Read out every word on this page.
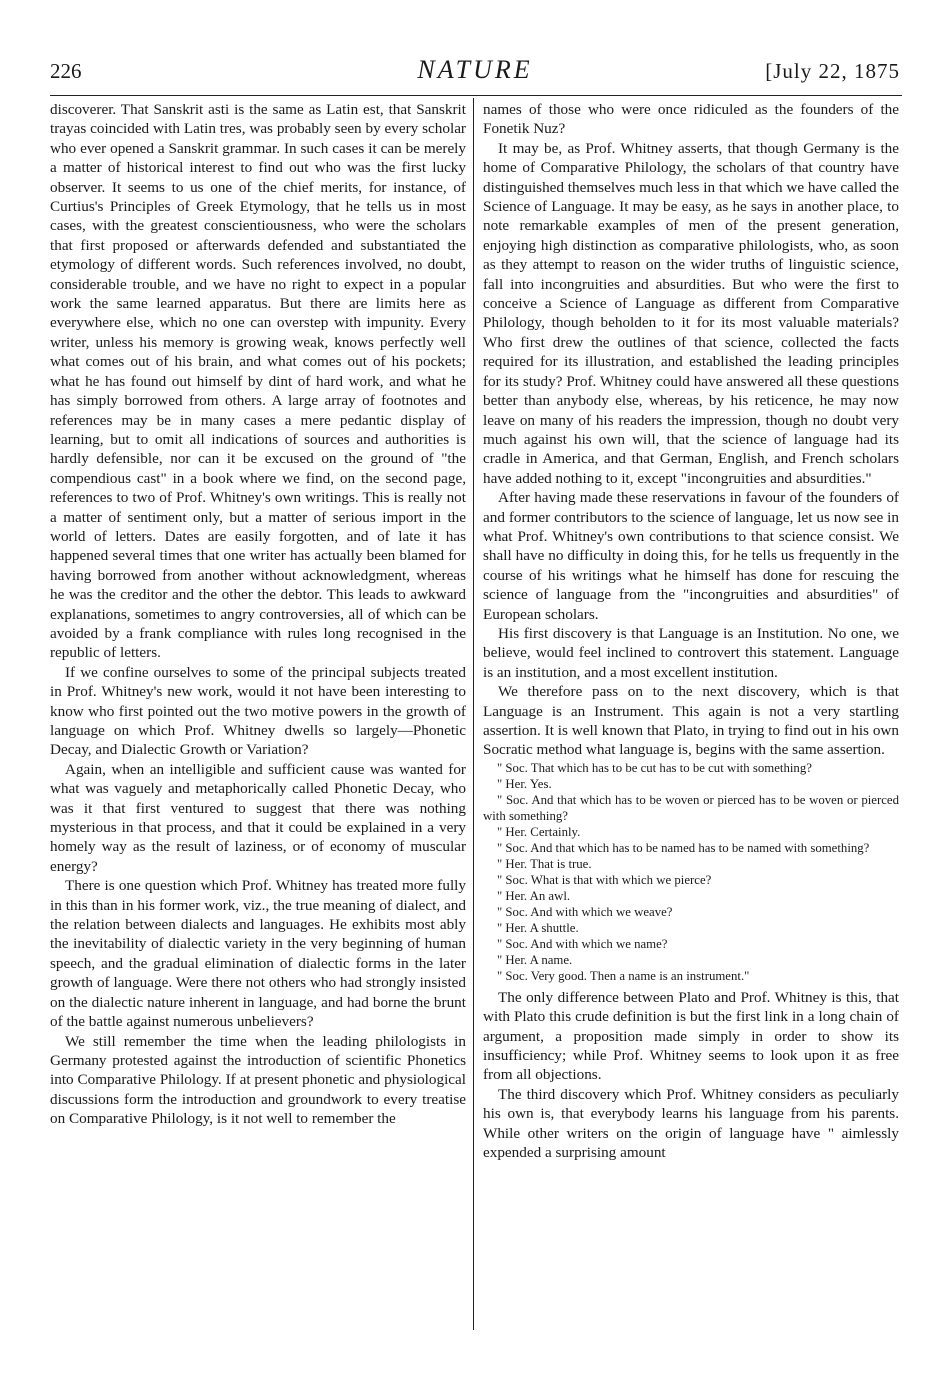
226	NATURE	[July 22, 1875

discoverer. That Sanskrit asti is the same as Latin est, that Sanskrit trayas coincided with Latin tres, was probably seen by every scholar who ever opened a Sanskrit grammar. In such cases it can be merely a matter of historical interest to find out who was the first lucky observer. It seems to us one of the chief merits, for instance, of Curtius's Principles of Greek Etymology, that he tells us in most cases, with the greatest conscientiousness, who were the scholars that first proposed or afterwards defended and substantiated the etymology of different words. Such references involved, no doubt, considerable trouble, and we have no right to expect in a popular work the same learned apparatus. But there are limits here as everywhere else, which no one can overstep with impunity. Every writer, unless his memory is growing weak, knows perfectly well what comes out of his brain, and what comes out of his pockets; what he has found out himself by dint of hard work, and what he has simply borrowed from others. A large array of footnotes and references may be in many cases a mere pedantic display of learning, but to omit all indications of sources and authorities is hardly defensible, nor can it be excused on the ground of "the compendious cast" in a book where we find, on the second page, references to two of Prof. Whitney's own writings. This is really not a matter of sentiment only, but a matter of serious import in the world of letters. Dates are easily forgotten, and of late it has happened several times that one writer has actually been blamed for having borrowed from another without acknowledgment, whereas he was the creditor and the other the debtor. This leads to awkward explanations, sometimes to angry controversies, all of which can be avoided by a frank compliance with rules long recognised in the republic of letters.

If we confine ourselves to some of the principal subjects treated in Prof. Whitney's new work, would it not have been interesting to know who first pointed out the two motive powers in the growth of language on which Prof. Whitney dwells so largely—Phonetic Decay, and Dialectic Growth or Variation?

Again, when an intelligible and sufficient cause was wanted for what was vaguely and metaphorically called Phonetic Decay, who was it that first ventured to suggest that there was nothing mysterious in that process, and that it could be explained in a very homely way as the result of laziness, or of economy of muscular energy?

There is one question which Prof. Whitney has treated more fully in this than in his former work, viz., the true meaning of dialect, and the relation between dialects and languages. He exhibits most ably the inevitability of dialectic variety in the very beginning of human speech, and the gradual elimination of dialectic forms in the later growth of language. Were there not others who had strongly insisted on the dialectic nature inherent in language, and had borne the brunt of the battle against numerous unbelievers?

We still remember the time when the leading philologists in Germany protested against the introduction of scientific Phonetics into Comparative Philology. If at present phonetic and physiological discussions form the introduction and groundwork to every treatise on Comparative Philology, is it not well to remember the

names of those who were once ridiculed as the founders of the Fonetik Nuz?

It may be, as Prof. Whitney asserts, that though Germany is the home of Comparative Philology, the scholars of that country have distinguished themselves much less in that which we have called the Science of Language. It may be easy, as he says in another place, to note remarkable examples of men of the present generation, enjoying high distinction as comparative philologists, who, as soon as they attempt to reason on the wider truths of linguistic science, fall into incongruities and absurdities. But who were the first to conceive a Science of Language as different from Comparative Philology, though beholden to it for its most valuable materials? Who first drew the outlines of that science, collected the facts required for its illustration, and established the leading principles for its study? Prof. Whitney could have answered all these questions better than anybody else, whereas, by his reticence, he may now leave on many of his readers the impression, though no doubt very much against his own will, that the science of language had its cradle in America, and that German, English, and French scholars have added nothing to it, except "incongruities and absurdities."

After having made these reservations in favour of the founders of and former contributors to the science of language, let us now see in what Prof. Whitney's own contributions to that science consist. We shall have no difficulty in doing this, for he tells us frequently in the course of his writings what he himself has done for rescuing the science of language from the "incongruities and absurdities" of European scholars.

His first discovery is that Language is an Institution. No one, we believe, would feel inclined to controvert this statement. Language is an institution, and a most excellent institution.

We therefore pass on to the next discovery, which is that Language is an Instrument. This again is not a very startling assertion. It is well known that Plato, in trying to find out in his own Socratic method what language is, begins with the same assertion.

" Soc. That which has to be cut has to be cut with something?

" Her. Yes.

" Soc. And that which has to be woven or pierced has to be woven or pierced with something?

" Her. Certainly.

" Soc. And that which has to be named has to be named with something?

" Her. That is true.

" Soc. What is that with which we pierce?

" Her. An awl.

" Soc. And with which we weave?

" Her. A shuttle.

" Soc. And with which we name?

" Her. A name.

" Soc. Very good. Then a name is an instrument."

The only difference between Plato and Prof. Whitney is this, that with Plato this crude definition is but the first link in a long chain of argument, a proposition made simply in order to show its insufficiency; while Prof. Whitney seems to look upon it as free from all objections.

The third discovery which Prof. Whitney considers as peculiarly his own is, that everybody learns his language from his parents. While other writers on the origin of language have " aimlessly expended a surprising amount
